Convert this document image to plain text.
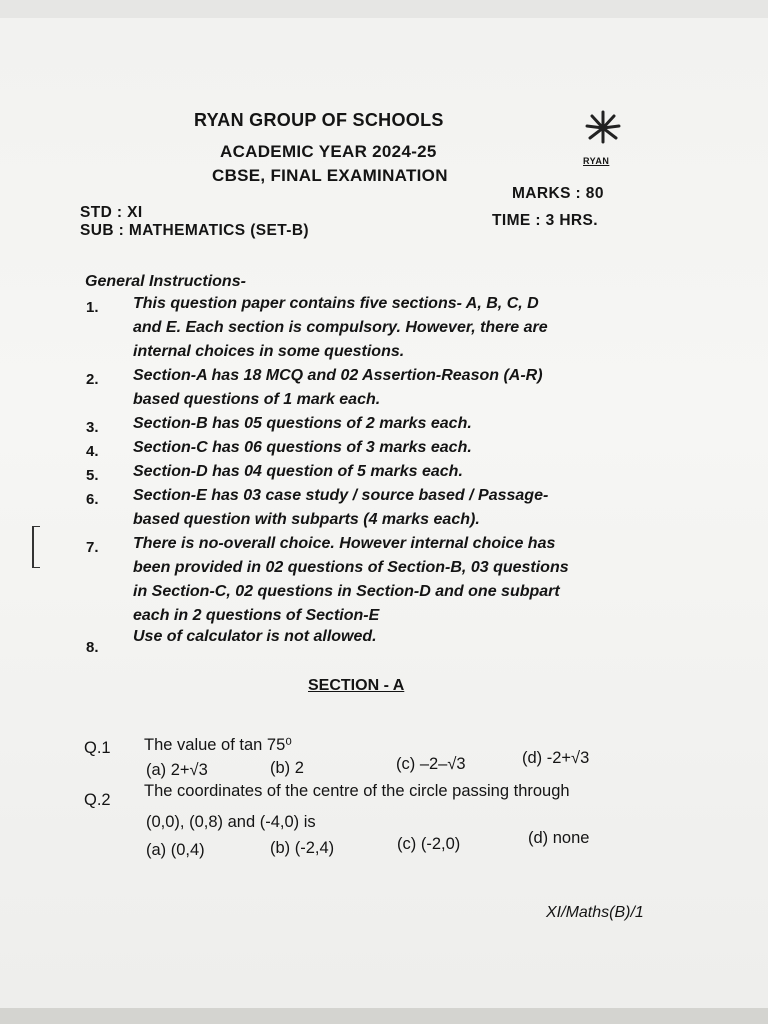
RYAN GROUP OF SCHOOLS
ACADEMIC YEAR 2024-25
CBSE, FINAL EXAMINATION
RYAN
MARKS : 80
STD : XI	TIME : 3 HRS.
SUB : MATHEMATICS (SET-B)
General Instructions-
1. This question paper contains five sections- A, B, C, D
and E. Each section is compulsory. However, there are
internal choices in some questions.
2. Section-A has 18 MCQ and 02 Assertion-Reason (A-R)
based questions of 1 mark each.
3. Section-B has 05 questions of 2 marks each.
4. Section-C has 06 questions of 3 marks each.
5. Section-D has 04 question of 5 marks each.
6. Section-E has 03 case study / source based / Passage-
based question with subparts (4 marks each).
7. There is no-overall choice. However internal choice has
been provided in 02 questions of Section-B, 03 questions
in Section-C, 02 questions in Section-D and one subpart
each in 2 questions of Section-E
8.
Use of calculator is not allowed.
SECTION - A
Q.1 The value of tan 75⁰
(a) 2+√3	(b) 2	(c) –2–√3	(d) -2+√3
Q.2 The coordinates of the centre of the circle passing through
(0,0), (0,8) and (-4,0) is
(a) (0,4)	(b) (-2,4)	(c) (-2,0)	(d) none
XI/Maths(B)/1
